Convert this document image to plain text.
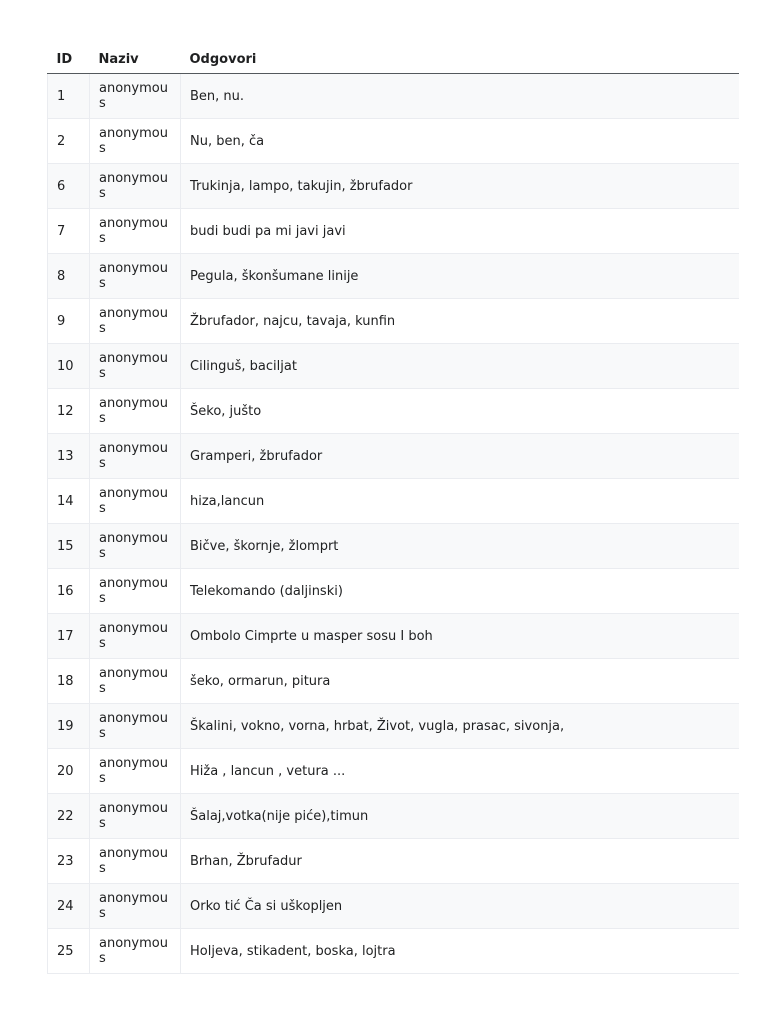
ID	Naziv	Odgovori
1	anonymous	Ben, nu.
2	anonymous	Nu, ben, ča
6	anonymous	Trukinja, lampo, takujin, žbrufador
7	anonymous	budi budi pa mi javi javi
8	anonymous	Pegula, škonšumane linije
9	anonymous	Žbrufador, najcu, tavaja, kunfin
10	anonymous	Cilinguš, baciljat
12	anonymous	Šeko, jušto
13	anonymous	Gramperi, žbrufador
14	anonymous	hiza,lancun
15	anonymous	Bičve, škornje, žlomprt
16	anonymous	Telekomando (daljinski)
17	anonymous	Ombolo Cimprte u masper sosu I boh
18	anonymous	šeko, ormarun, pitura
19	anonymous	Škalini, vokno, vorna, hrbat, Život, vugla, prasac, sivonja,
20	anonymous	Hiža , lancun , vetura ...
22	anonymous	Šalaj,votka(nije piće),timun
23	anonymous	Brhan, Žbrufadur
24	anonymous	Orko tić Ča si uškopljen
25	anonymous	Holjeva, stikadent, boska, lojtra
